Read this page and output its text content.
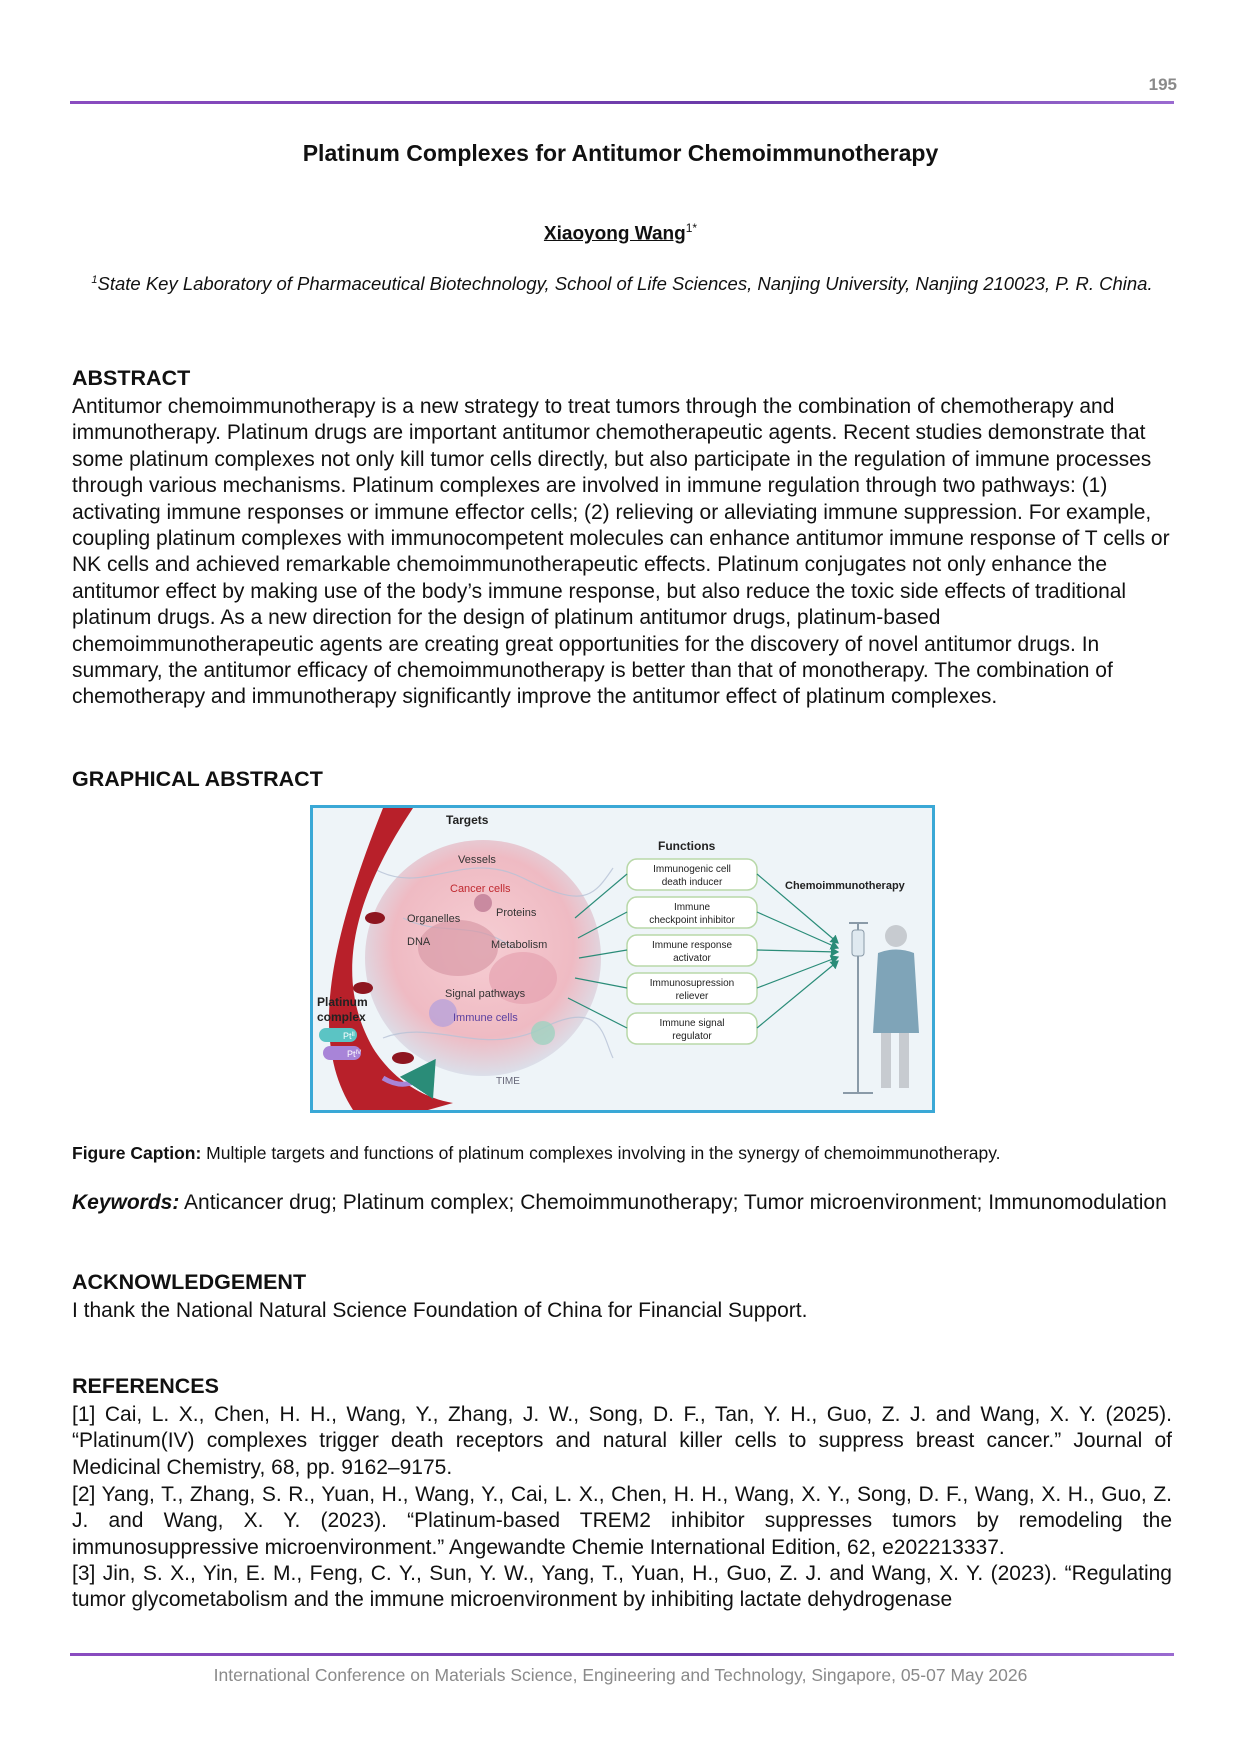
195
Platinum Complexes for Antitumor Chemoimmunotherapy
Xiaoyong Wang$^{1*}$
$^1$State Key Laboratory of Pharmaceutical Biotechnology, School of Life Sciences, Nanjing University, Nanjing 210023, P. R. China.
ABSTRACT
Antitumor chemoimmunotherapy is a new strategy to treat tumors through the combination of chemotherapy and immunotherapy. Platinum drugs are important antitumor chemotherapeutic agents. Recent studies demonstrate that some platinum complexes not only kill tumor cells directly, but also participate in the regulation of immune processes through various mechanisms. Platinum complexes are involved in immune regulation through two pathways: (1) activating immune responses or immune effector cells; (2) relieving or alleviating immune suppression. For example, coupling platinum complexes with immunocompetent molecules can enhance antitumor immune response of T cells or NK cells and achieved remarkable chemoimmunotherapeutic effects. Platinum conjugates not only enhance the antitumor effect by making use of the body’s immune response, but also reduce the toxic side effects of traditional platinum drugs. As a new direction for the design of platinum antitumor drugs, platinum-based chemoimmunotherapeutic agents are creating great opportunities for the discovery of novel antitumor drugs. In summary, the antitumor efficacy of chemoimmunotherapy is better than that of monotherapy. The combination of chemotherapy and immunotherapy significantly improve the antitumor effect of platinum complexes.
GRAPHICAL ABSTRACT
Targets
Vessels
Cancer cells
Organelles	Proteins
DNA	Metabolism
Signal pathways
Immune cells
Platinum
complex
$Pt^{II}$
$Pt^{IV}$
TIME
Functions
Immunogenic cell
death inducer
Immune
checkpoint inhibitor
Immune response
activator
Immunosupression
reliever
Immune signal
regulator
Chemoimmunotherapy
Figure Caption: Multiple targets and functions of platinum complexes involving in the synergy of chemoimmunotherapy.
Keywords: Anticancer drug; Platinum complex; Chemoimmunotherapy; Tumor microenvironment; Immunomodulation
ACKNOWLEDGEMENT
I thank the National Natural Science Foundation of China for Financial Support.
REFERENCES
[1] Cai, L. X., Chen, H. H., Wang, Y., Zhang, J. W., Song, D. F., Tan, Y. H., Guo, Z. J. and Wang, X. Y. (2025). “Platinum(IV) complexes trigger death receptors and natural killer cells to suppress breast cancer.” Journal of Medicinal Chemistry, 68, pp. 9162–9175.
[2] Yang, T., Zhang, S. R., Yuan, H., Wang, Y., Cai, L. X., Chen, H. H., Wang, X. Y., Song, D. F., Wang, X. H., Guo, Z. J. and Wang, X. Y. (2023). “Platinum-based TREM2 inhibitor suppresses tumors by remodeling the immunosuppressive microenvironment.” Angewandte Chemie International Edition, 62, e202213337.
[3] Jin, S. X., Yin, E. M., Feng, C. Y., Sun, Y. W., Yang, T., Yuan, H., Guo, Z. J. and Wang, X. Y. (2023). “Regulating tumor glycometabolism and the immune microenvironment by inhibiting lactate dehydrogenase
International Conference on Materials Science, Engineering and Technology, Singapore, 05-07 May 2026
